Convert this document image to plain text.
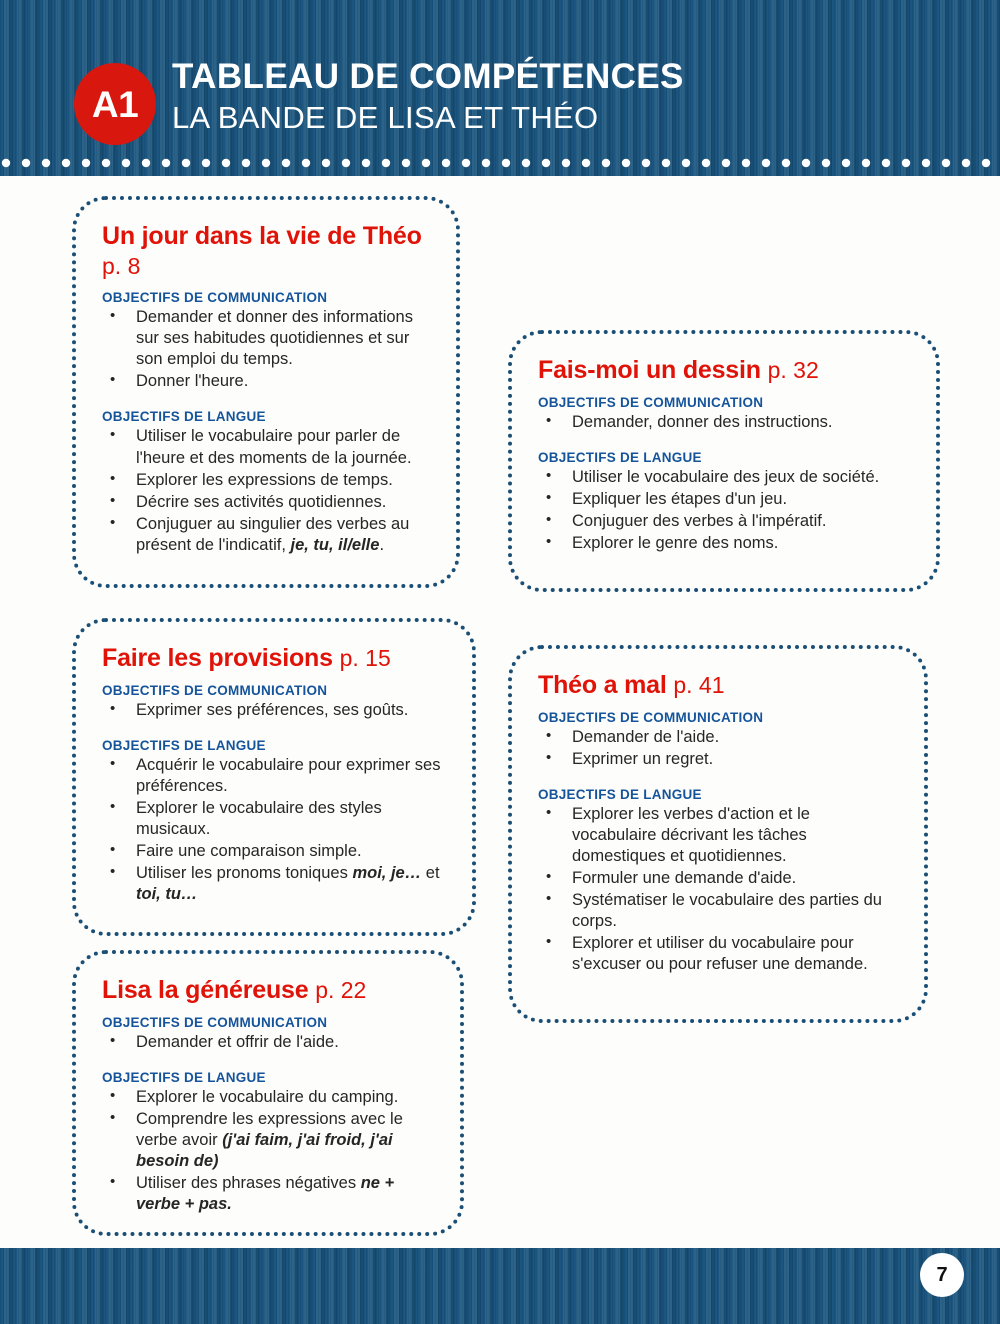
A1
TABLEAU DE COMPÉTENCES
LA BANDE DE LISA ET THÉO
Un jour dans la vie de Théo p. 8
OBJECTIFS DE COMMUNICATION
• Demander et donner des informations sur ses habitudes quotidiennes et sur son emploi du temps.
• Donner l'heure.
OBJECTIFS DE LANGUE
• Utiliser le vocabulaire pour parler de l'heure et des moments de la journée.
• Explorer les expressions de temps.
• Décrire ses activités quotidiennes.
• Conjuguer au singulier des verbes au présent de l'indicatif, je, tu, il/elle.
Fais-moi un dessin p. 32
OBJECTIFS DE COMMUNICATION
• Demander, donner des instructions.
OBJECTIFS DE LANGUE
• Utiliser le vocabulaire des jeux de société.
• Expliquer les étapes d'un jeu.
• Conjuguer des verbes à l'impératif.
• Explorer le genre des noms.
Faire les provisions p. 15
OBJECTIFS DE COMMUNICATION
• Exprimer ses préférences, ses goûts.
OBJECTIFS DE LANGUE
• Acquérir le vocabulaire pour exprimer ses préférences.
• Explorer le vocabulaire des styles musicaux.
• Faire une comparaison simple.
• Utiliser les pronoms toniques moi, je… et toi, tu…
Théo a mal p. 41
OBJECTIFS DE COMMUNICATION
• Demander de l'aide.
• Exprimer un regret.
OBJECTIFS DE LANGUE
• Explorer les verbes d'action et le vocabulaire décrivant les tâches domestiques et quotidiennes.
• Formuler une demande d'aide.
• Systématiser le vocabulaire des parties du corps.
• Explorer et utiliser du vocabulaire pour s'excuser ou pour refuser une demande.
Lisa la généreuse p. 22
OBJECTIFS DE COMMUNICATION
• Demander et offrir de l'aide.
OBJECTIFS DE LANGUE
• Explorer le vocabulaire du camping.
• Comprendre les expressions avec le verbe avoir (j'ai faim, j'ai froid, j'ai besoin de)
• Utiliser des phrases négatives ne + verbe + pas.
7
